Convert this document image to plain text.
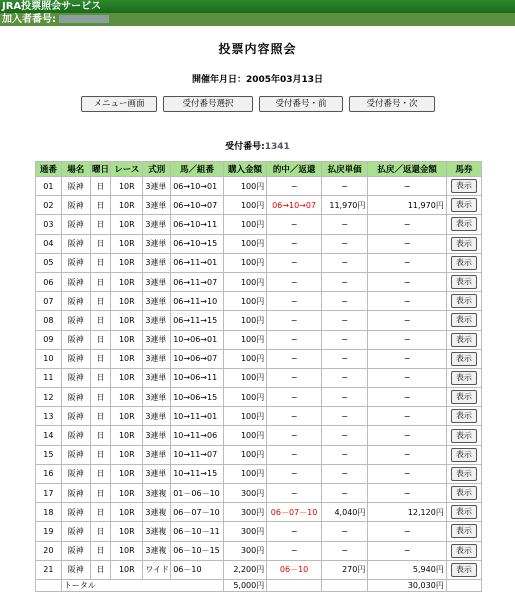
JRA投票照会サービス
加入者番号:
投票内容照会
開催年月日：2005年03月13日
メニュー画面	受付番号選択	受付番号・前	受付番号・次
受付番号:1341
通番	場名	曜日	レース	式別	馬／組番	購入金額	的中／返還	払戻単価	払戻／返還金額	馬券
01	阪神	日	10R	3連単	06→10→01	100円	−	−	−	表示
02	阪神	日	10R	3連単	06→10→07	100円	06→10→07	11,970円	11,970円	表示
03	阪神	日	10R	3連単	06→10→11	100円	−	−	−	表示
04	阪神	日	10R	3連単	06→10→15	100円	−	−	−	表示
05	阪神	日	10R	3連単	06→11→01	100円	−	−	−	表示
06	阪神	日	10R	3連単	06→11→07	100円	−	−	−	表示
07	阪神	日	10R	3連単	06→11→10	100円	−	−	−	表示
08	阪神	日	10R	3連単	06→11→15	100円	−	−	−	表示
09	阪神	日	10R	3連単	10→06→01	100円	−	−	−	表示
10	阪神	日	10R	3連単	10→06→07	100円	−	−	−	表示
11	阪神	日	10R	3連単	10→06→11	100円	−	−	−	表示
12	阪神	日	10R	3連単	10→06→15	100円	−	−	−	表示
13	阪神	日	10R	3連単	10→11→01	100円	−	−	−	表示
14	阪神	日	10R	3連単	10→11→06	100円	−	−	−	表示
15	阪神	日	10R	3連単	10→11→07	100円	−	−	−	表示
16	阪神	日	10R	3連単	10→11→15	100円	−	−	−	表示
17	阪神	日	10R	3連複	01－06－10	300円	−	−	−	表示
18	阪神	日	10R	3連複	06－07－10	300円	06－07－10	4,040円	12,120円	表示
19	阪神	日	10R	3連複	06－10－11	300円	−	−	−	表示
20	阪神	日	10R	3連複	06－10－15	300円	−	−	−	表示
21	阪神	日	10R	ワイド	06－10	2,200円	06－10	270円	5,940円	表示
	トータル					5,000円			30,030円	
